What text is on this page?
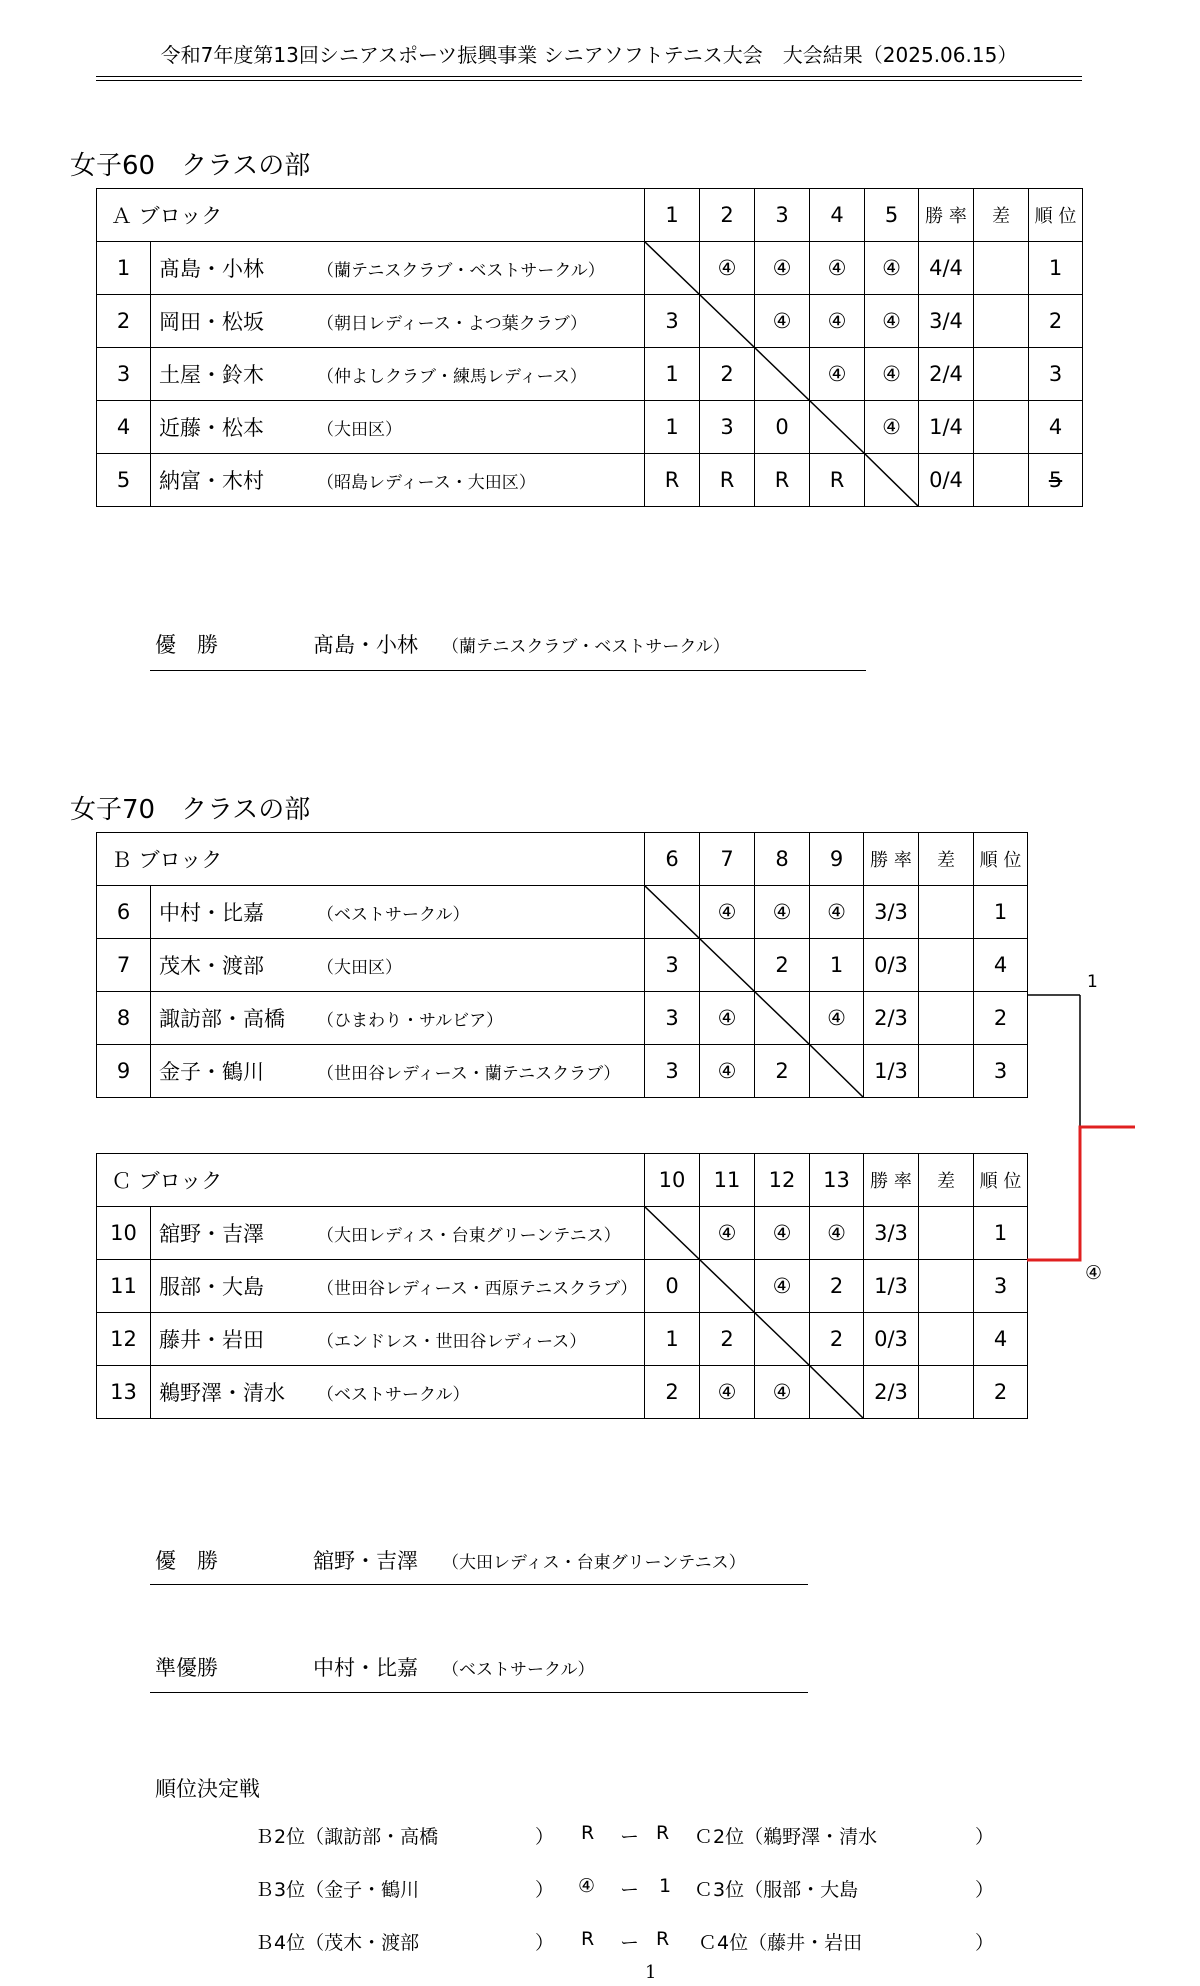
令和7年度第13回シニアスポーツ振興事業 シニアソフトテニス大会　大会結果（2025.06.15）
女子60　クラスの部
Ａ ブロック		1	2	3	4	5	勝 率	差	順 位
1	髙島・小林 （蘭テニスクラブ・ベストサークル）		④	④	④	④	4/4		1
2	岡田・松坂 （朝日レディース・よつ葉クラブ）	3		④	④	④	3/4		2
3	土屋・鈴木 （仲よしクラブ・練馬レディース）	1	2		④	④	2/4		3
4	近藤・松本 （大田区）	1	3	0		④	1/4		4
5	納富・木村 （昭島レディース・大田区）	R	R	R	R		0/4		5
優　勝	髙島・小林 （蘭テニスクラブ・ベストサークル）
女子70　クラスの部
Ｂ ブロック		6	7	8	9	勝 率	差	順 位
6	中村・比嘉 （ベストサークル）		④	④	④	3/3		1
7	茂木・渡部 （大田区）	3		2	1	0/3		4
8	諏訪部・高橋 （ひまわり・サルビア）	3	④		④	2/3		2
9	金子・鶴川 （世田谷レディース・蘭テニスクラブ）	3	④	2		1/3		3
Ｃ ブロック		10	11	12	13	勝 率	差	順 位
10	舘野・吉澤 （大田レディス・台東グリーンテニス）		④	④	④	3/3		1
11	服部・大島 （世田谷レディース・西原テニスクラブ）	0		④	2	1/3		3
12	藤井・岩田 （エンドレス・世田谷レディース）	1	2		2	0/3		4
13	鵜野澤・清水 （ベストサークル）	2	④	④		2/3		2
1
④
優　勝	舘野・吉澤 （大田レディス・台東グリーンテニス）
準優勝	中村・比嘉 （ベストサークル）
順位決定戦
Ｂ2位（諏訪部・高橋	） R ー R Ｃ2位（鵜野澤・清水	）
Ｂ3位（金子・鶴川	） ④ ー 1 Ｃ3位（服部・大島	）
Ｂ4位（茂木・渡部	） R ー R Ｃ4位（藤井・岩田	）
1
